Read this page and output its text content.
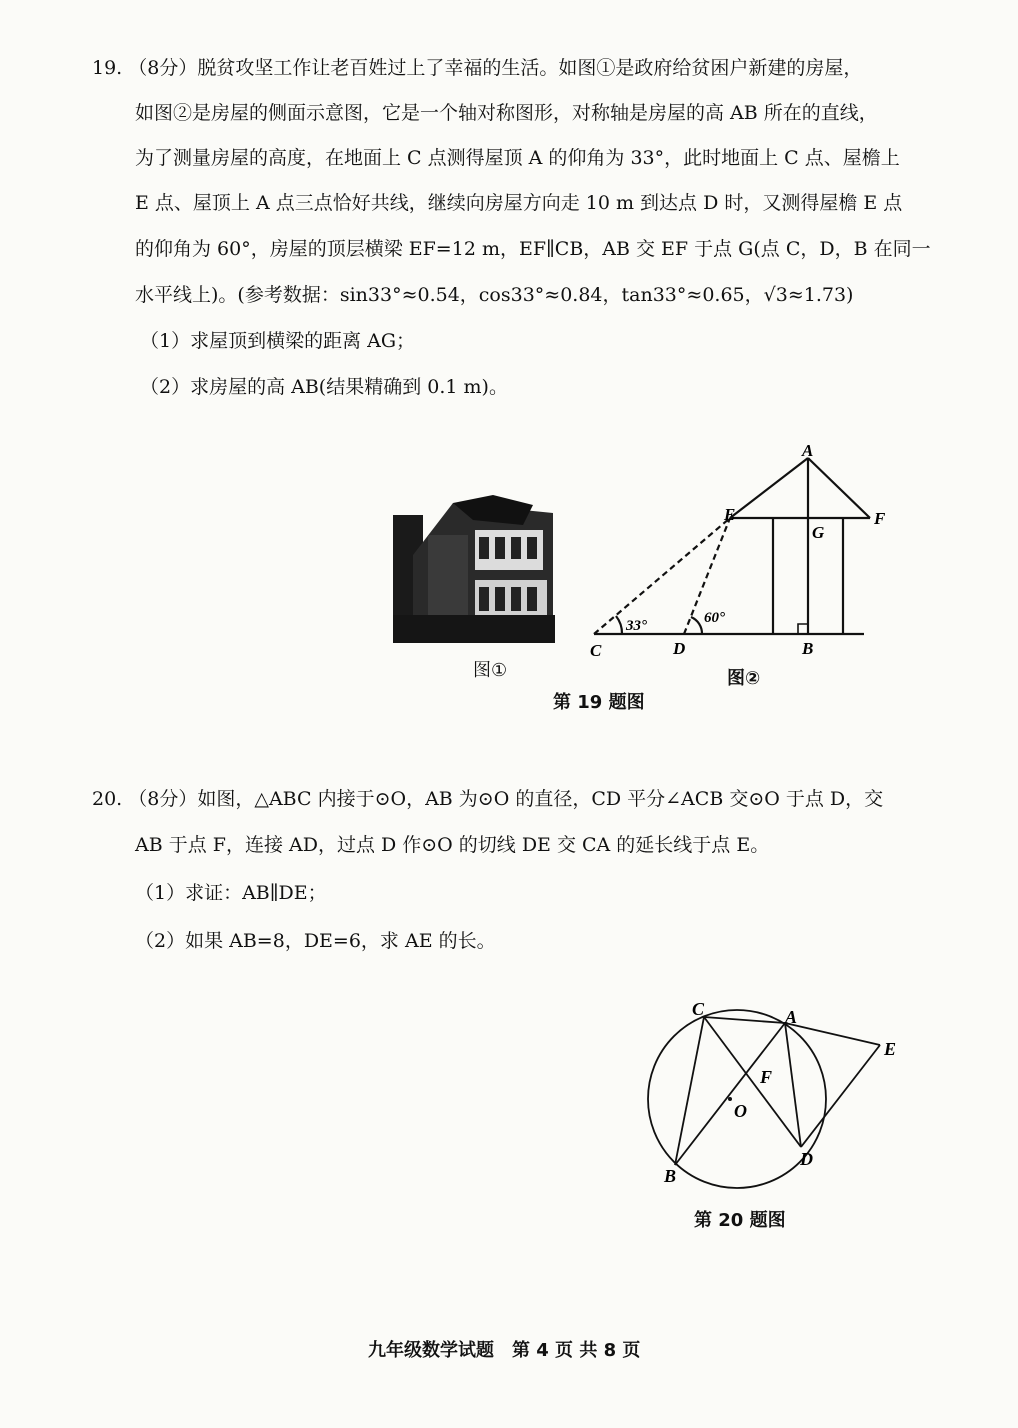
19. （8分）脱贫攻坚工作让老百姓过上了幸福的生活。如图①是政府给贫困户新建的房屋，
如图②是房屋的侧面示意图，它是一个轴对称图形，对称轴是房屋的高 AB 所在的直线，
为了测量房屋的高度，在地面上 C 点测得屋顶 A 的仰角为 33°，此时地面上 C 点、屋檐上
E 点、屋顶上 A 点三点恰好共线，继续向房屋方向走 10 m 到达点 D 时，又测得屋檐 E 点
的仰角为 60°，房屋的顶层横梁 EF=12 m，EF∥CB，AB 交 EF 于点 G(点 C，D，B 在同一
水平线上)。(参考数据：sin33°≈0.54，cos33°≈0.84，tan33°≈0.65，√3≈1.73)
（1）求屋顶到横梁的距离 AG；
（2）求房屋的高 AB(结果精确到 0.1 m)。
图①
A
E	F
G
C	D	B
33°	60°
图②
第 19 题图
20. （8分）如图，△ABC 内接于⊙O，AB 为⊙O 的直径，CD 平分∠ACB 交⊙O 于点 D，交
AB 于点 F，连接 AD，过点 D 作⊙O 的切线 DE 交 CA 的延长线于点 E。
（1）求证：AB∥DE；
（2）如果 AB=8，DE=6，求 AE 的长。
C	A
E
F
O
B
D
第 20 题图
九年级数学试题　第 4 页 共 8 页
